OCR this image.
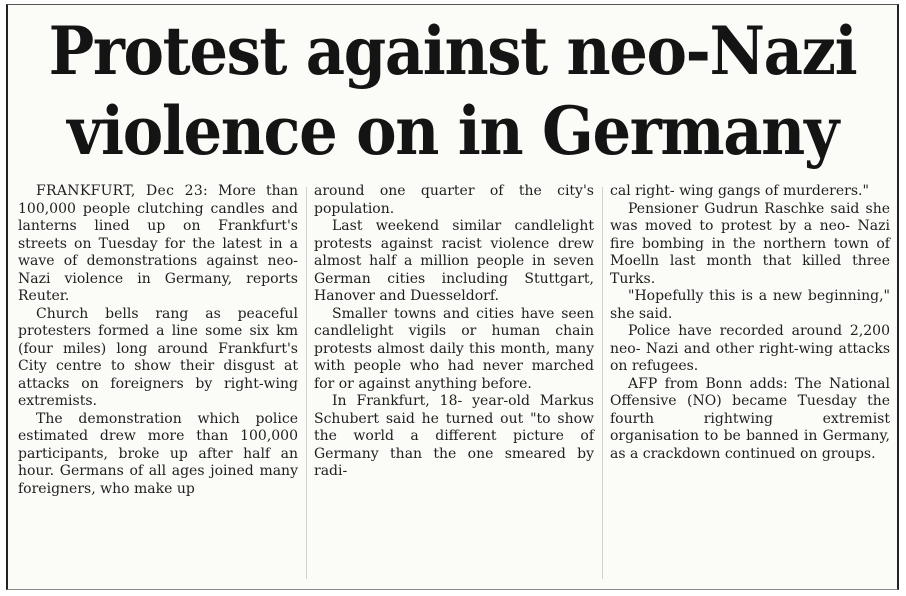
Protest against neo-Nazi
violence on in Germany

FRANKFURT, Dec 23: More than 100,000 people clutching candles and lanterns lined up on Frankfurt's streets on Tuesday for the latest in a wave of demonstrations against neo-Nazi violence in Germany, reports Reuter.

Church bells rang as peaceful protesters formed a line some six km (four miles) long around Frankfurt's City centre to show their disgust at attacks on foreigners by right-wing extremists.

The demonstration which police estimated drew more than 100,000 participants, broke up after half an hour. Germans of all ages joined many foreigners, who make up

around one quarter of the city's population.

Last weekend similar candlelight protests against racist violence drew almost half a million people in seven German cities including Stuttgart, Hanover and Duesseldorf.

Smaller towns and cities have seen candlelight vigils or human chain protests almost daily this month, many with people who had never marched for or against anything before.

In Frankfurt, 18- year-old Markus Schubert said he turned out "to show the world a different picture of Germany than the one smeared by radi-

cal right- wing gangs of murderers."

Pensioner Gudrun Raschke said she was moved to protest by a neo- Nazi fire bombing in the northern town of Moelln last month that killed three Turks.

"Hopefully this is a new beginning," she said.

Police have recorded around 2,200 neo- Nazi and other right-wing attacks on refugees.

AFP from Bonn adds: The National Offensive (NO) became Tuesday the fourth rightwing extremist organisation to be banned in Germany, as a crackdown continued on groups.
